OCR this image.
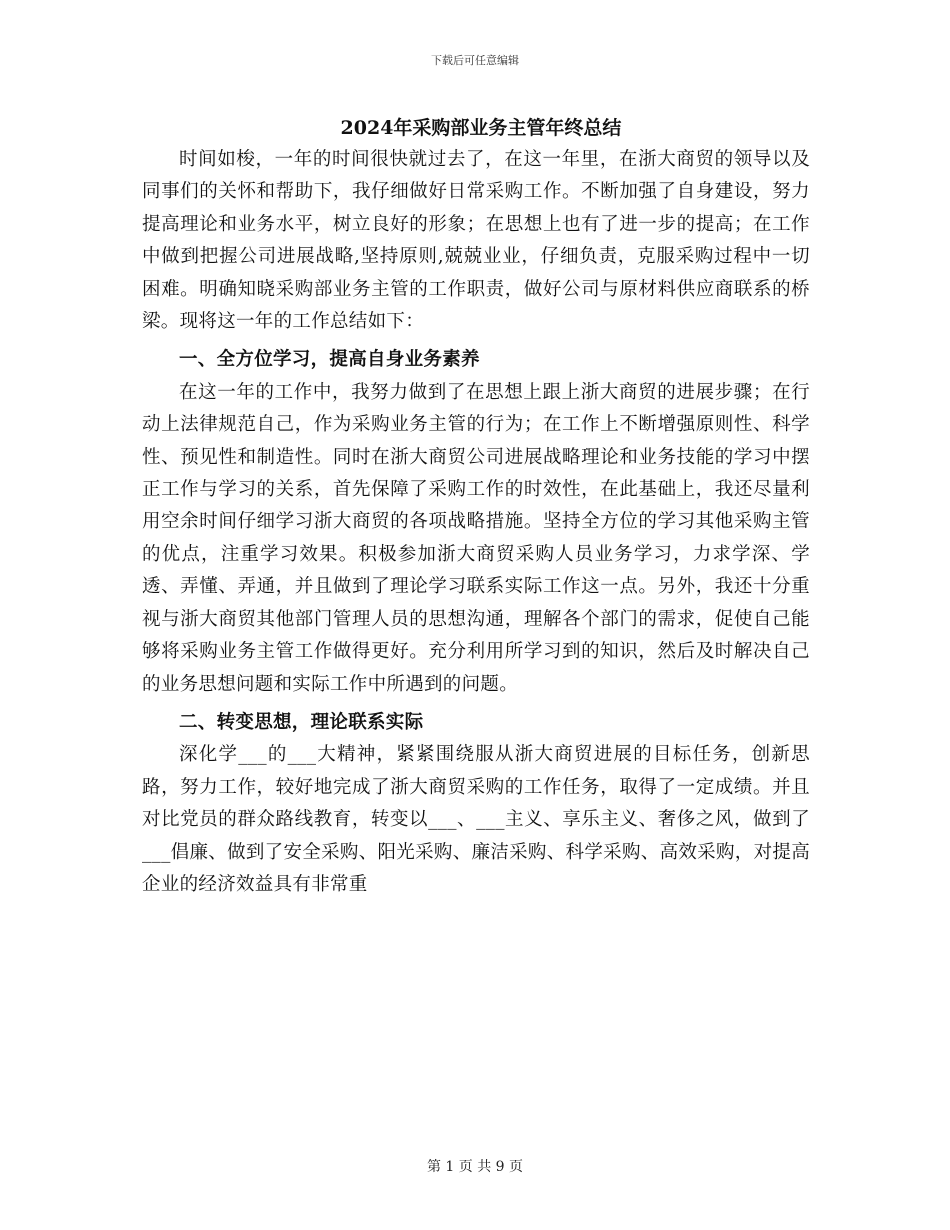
下载后可任意编辑
2024年采购部业务主管年终总结

时间如梭，一年的时间很快就过去了，在这一年里，在浙大商贸的领导以及同事们的关怀和帮助下，我仔细做好日常采购工作。不断加强了自身建设，努力提高理论和业务水平，树立良好的形象；在思想上也有了进一步的提高；在工作中做到把握公司进展战略,坚持原则,兢兢业业，仔细负责，克服采购过程中一切困难。明确知晓采购部业务主管的工作职责，做好公司与原材料供应商联系的桥梁。现将这一年的工作总结如下：

一、全方位学习，提高自身业务素养

在这一年的工作中，我努力做到了在思想上跟上浙大商贸的进展步骤；在行动上法律规范自己，作为采购业务主管的行为；在工作上不断增强原则性、科学性、预见性和制造性。同时在浙大商贸公司进展战略理论和业务技能的学习中摆正工作与学习的关系，首先保障了采购工作的时效性，在此基础上，我还尽量利用空余时间仔细学习浙大商贸的各项战略措施。坚持全方位的学习其他采购主管的优点，注重学习效果。积极参加浙大商贸采购人员业务学习，力求学深、学透、弄懂、弄通，并且做到了理论学习联系实际工作这一点。另外，我还十分重视与浙大商贸其他部门管理人员的思想沟通，理解各个部门的需求，促使自己能够将采购业务主管工作做得更好。充分利用所学习到的知识，然后及时解决自己的业务思想问题和实际工作中所遇到的问题。

二、转变思想，理论联系实际

深化学___的___大精神，紧紧围绕服从浙大商贸进展的目标任务，创新思路，努力工作，较好地完成了浙大商贸采购的工作任务，取得了一定成绩。并且对比党员的群众路线教育，转变以___、___主义、享乐主义、奢侈之风，做到了___倡廉、做到了安全采购、阳光采购、廉洁采购、科学采购、高效采购，对提高企业的经济效益具有非常重

第 1 页 共 9 页
